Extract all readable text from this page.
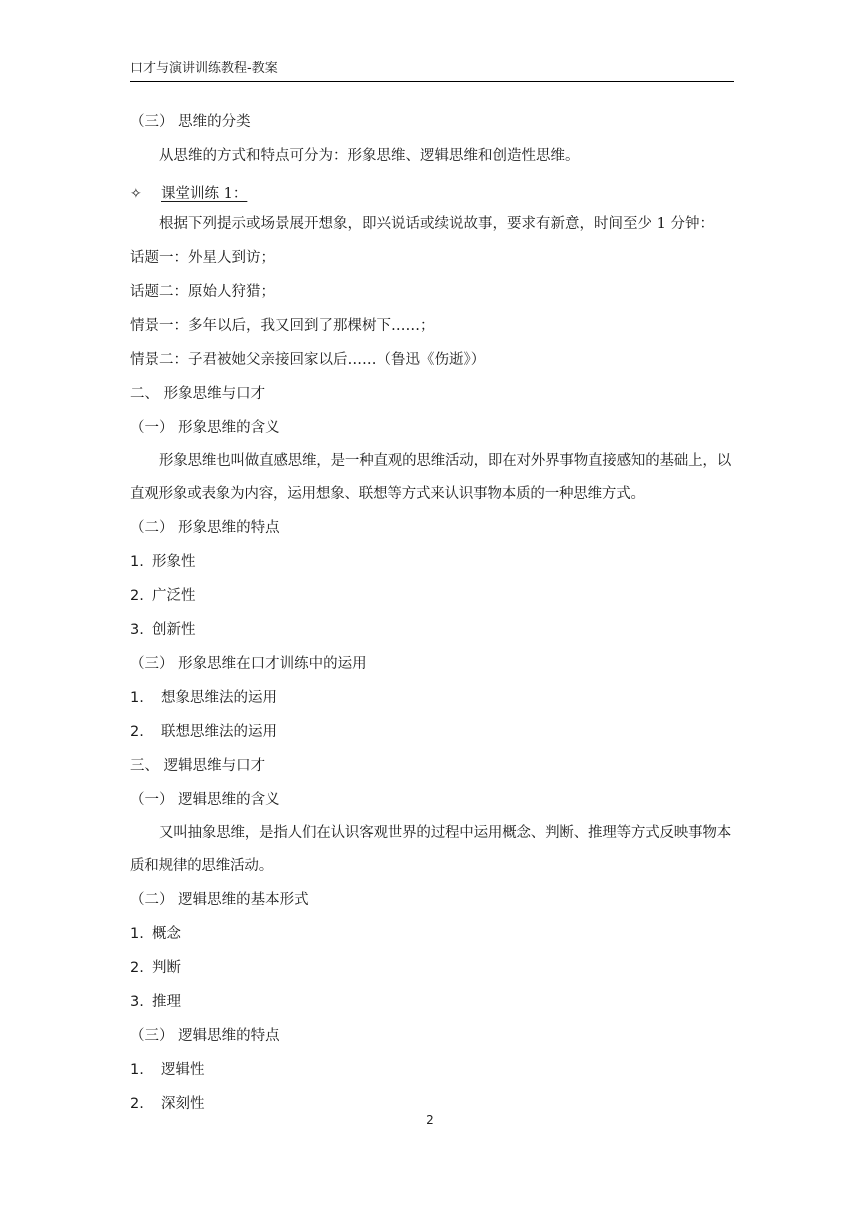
口才与演讲训练教程-教案
（三） 思维的分类
从思维的方式和特点可分为：形象思维、逻辑思维和创造性思维。
✧	课堂训练 1：
根据下列提示或场景展开想象，即兴说话或续说故事，要求有新意，时间至少 1 分钟：
话题一：外星人到访；
话题二：原始人狩猎；
情景一：多年以后，我又回到了那棵树下……；
情景二：子君被她父亲接回家以后……（鲁迅《伤逝》）
二、 形象思维与口才
（一） 形象思维的含义
形象思维也叫做直感思维，是一种直观的思维活动，即在对外界事物直接感知的基础上，以直观形象或表象为内容，运用想象、联想等方式来认识事物本质的一种思维方式。
（二） 形象思维的特点
1. 形象性
2. 广泛性
3. 创新性
（三） 形象思维在口才训练中的运用
1. 想象思维法的运用
2. 联想思维法的运用
三、 逻辑思维与口才
（一） 逻辑思维的含义
又叫抽象思维，是指人们在认识客观世界的过程中运用概念、判断、推理等方式反映事物本质和规律的思维活动。
（二） 逻辑思维的基本形式
1. 概念
2. 判断
3. 推理
（三） 逻辑思维的特点
1. 逻辑性
2. 深刻性
2
